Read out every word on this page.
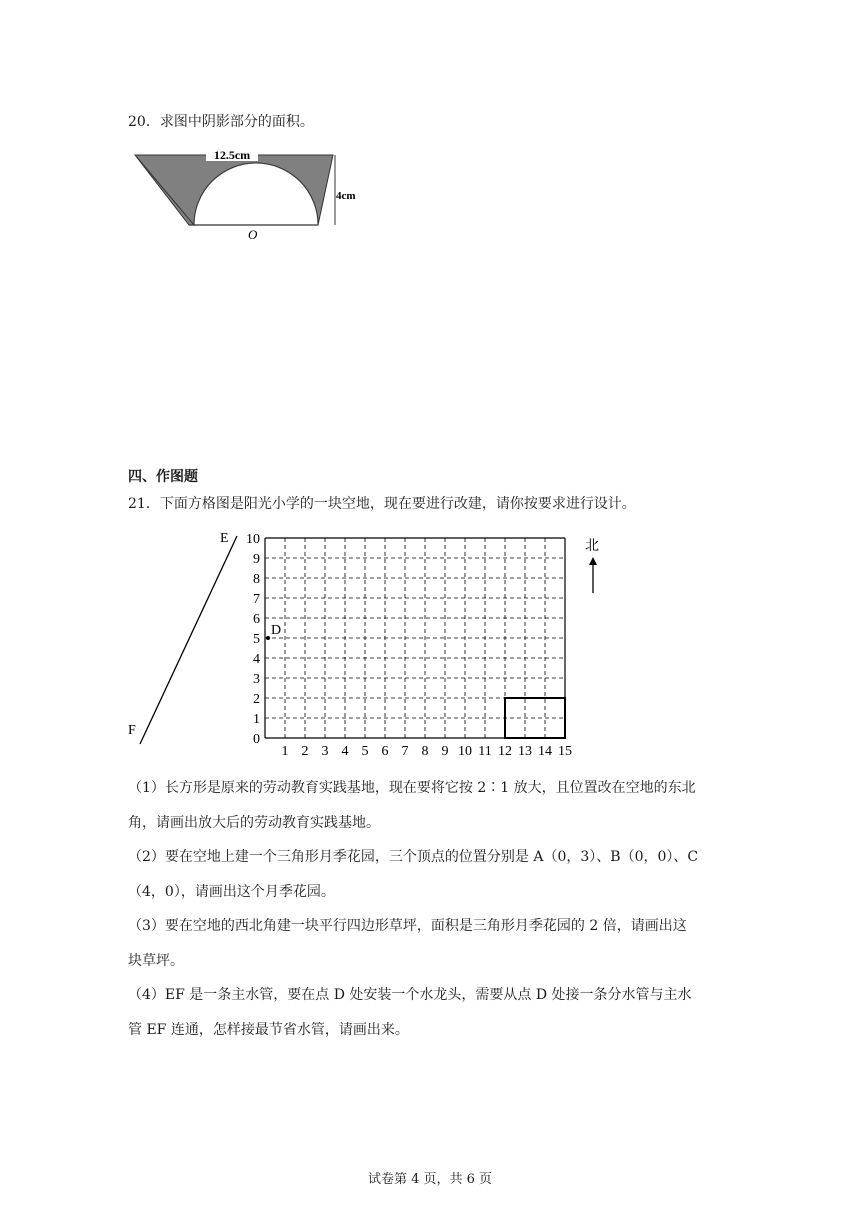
20．求图中阴影部分的面积。
12.5cm
4cm
O
四、作图题
21．下面方格图是阳光小学的一块空地，现在要进行改建，请你按要求进行设计。
E
F
D
北
1 2 3 4 5 6 7 8 9 10 11 12 13 14 15
0
1
2
3
4
5
6
7
8
9
10

（1）长方形是原来的劳动教育实践基地，现在要将它按 2∶1 放大，且位置改在空地的东北

角，请画出放大后的劳动教育实践基地。

（2）要在空地上建一个三角形月季花园，三个顶点的位置分别是 A（0，3）、B（0，0）、C

（4，0），请画出这个月季花园。

（3）要在空地的西北角建一块平行四边形草坪，面积是三角形月季花园的 2 倍，请画出这

块草坪。

（4）EF 是一条主水管，要在点 D 处安装一个水龙头，需要从点 D 处接一条分水管与主水

管 EF 连通，怎样接最节省水管，请画出来。

试卷第 4 页，共 6 页
